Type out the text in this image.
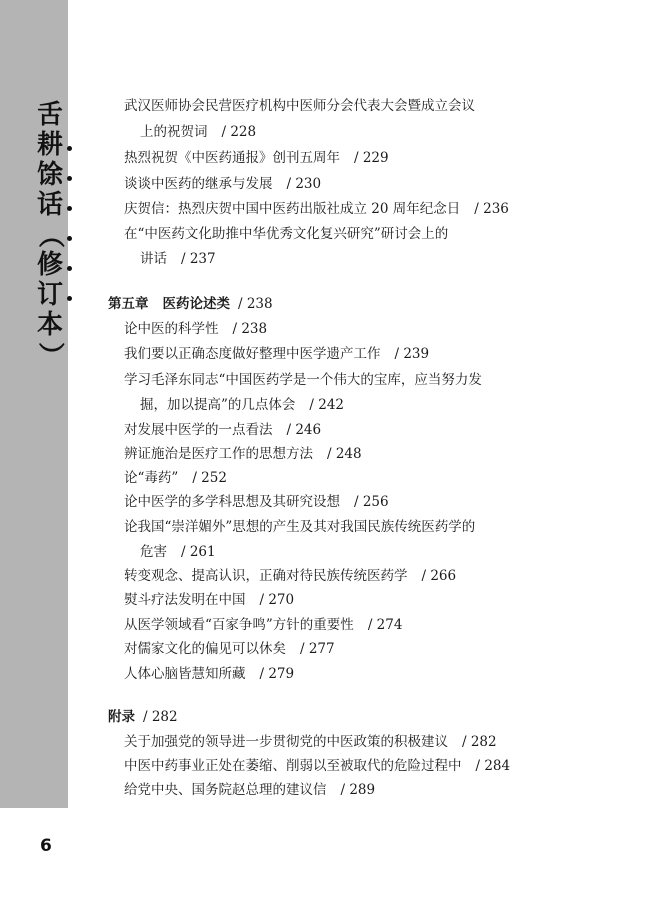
舌
耕
馀
话
（
修
订
本
）
武汉医师协会民营医疗机构中医师分会代表大会暨成立会议
上的祝贺词 / 228
热烈祝贺《中医药通报》创刊五周年 / 229
谈谈中医药的继承与发展 / 230
庆贺信：热烈庆贺中国中医药出版社成立 20 周年纪念日 / 236
在“中医药文化助推中华优秀文化复兴研究”研讨会上的
讲话 / 237
第五章 医药论述类 / 238
论中医的科学性 / 238
我们要以正确态度做好整理中医学遗产工作 / 239
学习毛泽东同志“中国医药学是一个伟大的宝库，应当努力发
掘，加以提高”的几点体会 / 242
对发展中医学的一点看法 / 246
辨证施治是医疗工作的思想方法 / 248
论“毒药” / 252
论中医学的多学科思想及其研究设想 / 256
论我国“崇洋媚外”思想的产生及其对我国民族传统医药学的
危害 / 261
转变观念、提高认识，正确对待民族传统医药学 / 266
熨斗疗法发明在中国 / 270
从医学领域看“百家争鸣”方针的重要性 / 274
对儒家文化的偏见可以休矣 / 277
人体心脑皆慧知所藏 / 279
附录 / 282
关于加强党的领导进一步贯彻党的中医政策的积极建议 / 282
中医中药事业正处在萎缩、削弱以至被取代的危险过程中 / 284
给党中央、国务院赵总理的建议信 / 289
6
